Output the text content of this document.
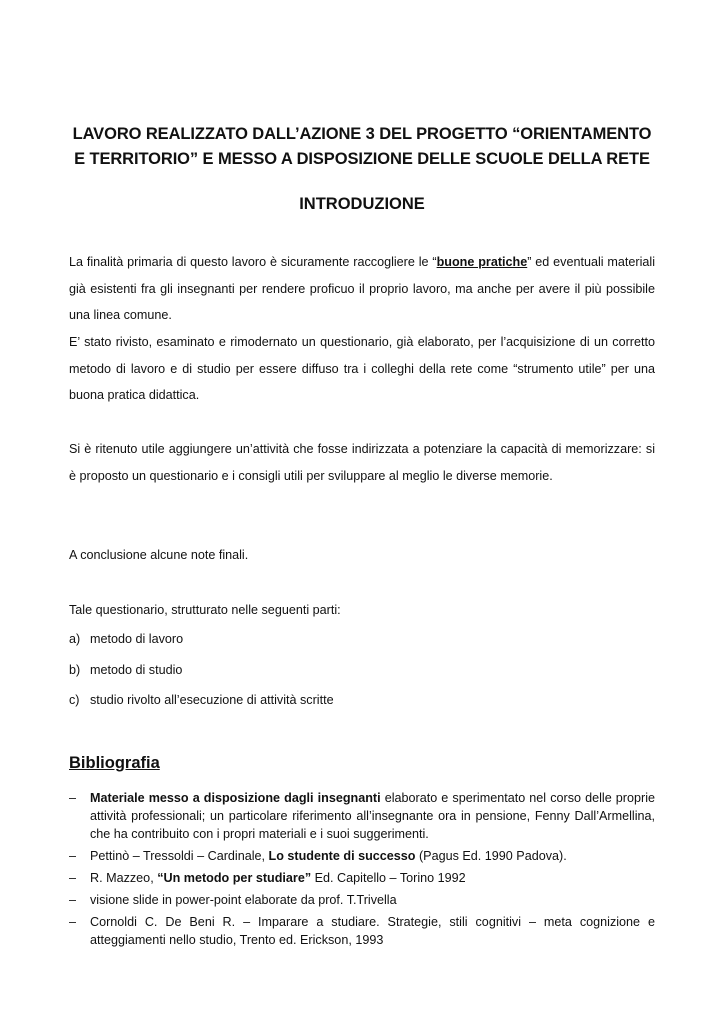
LAVORO REALIZZATO DALL’AZIONE 3 DEL PROGETTO “ORIENTAMENTO
E TERRITORIO” E MESSO A DISPOSIZIONE DELLE SCUOLE DELLA RETE
INTRODUZIONE

La finalità primaria di questo lavoro è sicuramente raccogliere le “buone pratiche” ed eventuali materiali già esistenti fra gli insegnanti per rendere proficuo il proprio lavoro, ma anche per avere il più possibile una linea comune.

E’ stato rivisto, esaminato e rimodernato un questionario, già elaborato, per l’acquisizione di un corretto metodo di lavoro e di studio per essere diffuso tra i colleghi della rete come “strumento utile” per una buona pratica didattica.

Si è ritenuto utile aggiungere un’attività che fosse indirizzata a potenziare la capacità di memorizzare: si è proposto un questionario e i consigli utili per sviluppare al meglio le diverse memorie.

A conclusione alcune note finali.

Tale questionario, strutturato nelle seguenti parti:

a) metodo di lavoro
b) metodo di studio
c) studio rivolto all’esecuzione di attività scritte
Bibliografia
–	Materiale messo a disposizione dagli insegnanti elaborato e sperimentato nel corso delle proprie attività professionali; un particolare riferimento all’insegnante ora in pensione, Fenny Dall’Armellina, che ha contribuito con i propri materiali e i suoi suggerimenti.
–	Pettinò – Tressoldi – Cardinale, Lo studente di successo (Pagus Ed. 1990 Padova).
–	R. Mazzeo, “Un metodo per studiare” Ed. Capitello – Torino 1992
–	visione slide in power-point elaborate da prof. T.Trivella
–	Cornoldi C. De Beni R. – Imparare a studiare. Strategie, stili cognitivi – meta cognizione e atteggiamenti nello studio, Trento ed. Erickson, 1993
